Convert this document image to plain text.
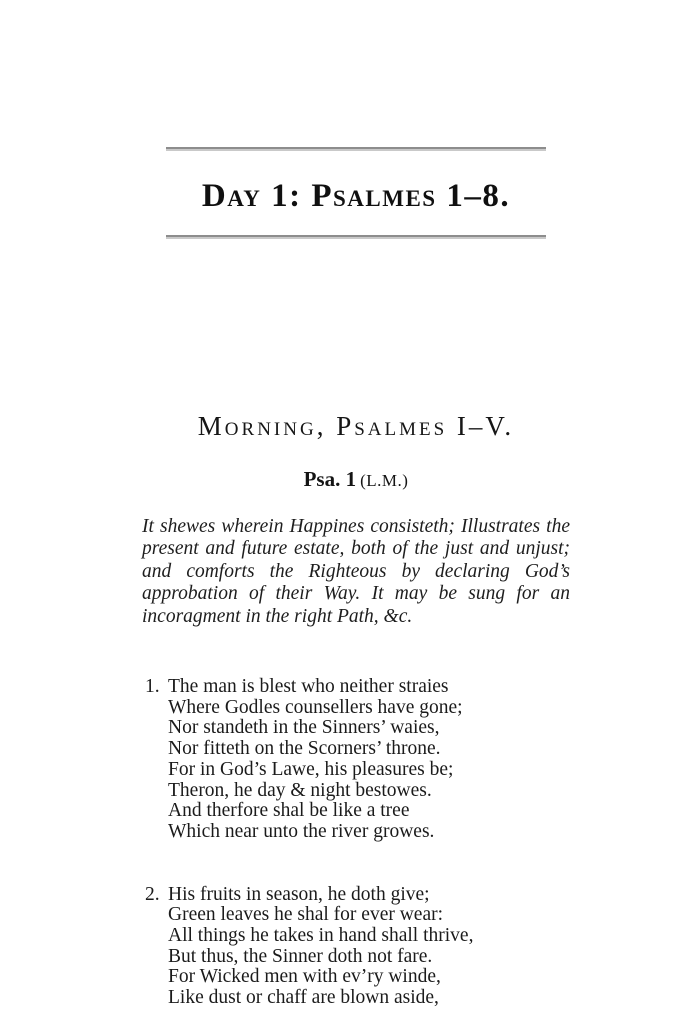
Day 1: Psalmes 1–8.
Morning, Psalmes I–V.
Psa. 1 (L.M.)
It shewes wherein Happines consisteth; Illustrates the present and future estate, both of the just and unjust; and comforts the Righteous by declaring God’s approbation of their Way. It may be sung for an incoragment in the right Path, &c.
1. The man is blest who neither straies
Where Godles counsellers have gone;
Nor standeth in the Sinners’ waies,
Nor fitteth on the Scorners’ throne.
For in God’s Lawe, his pleasures be;
Theron, he day & night bestowes.
And therfore shal be like a tree
Which near unto the river growes.
2. His fruits in season, he doth give;
Green leaves he shal for ever wear:
All things he takes in hand shall thrive,
But thus, the Sinner doth not fare.
For Wicked men with ev’ry winde,
Like dust or chaff are blown aside,
